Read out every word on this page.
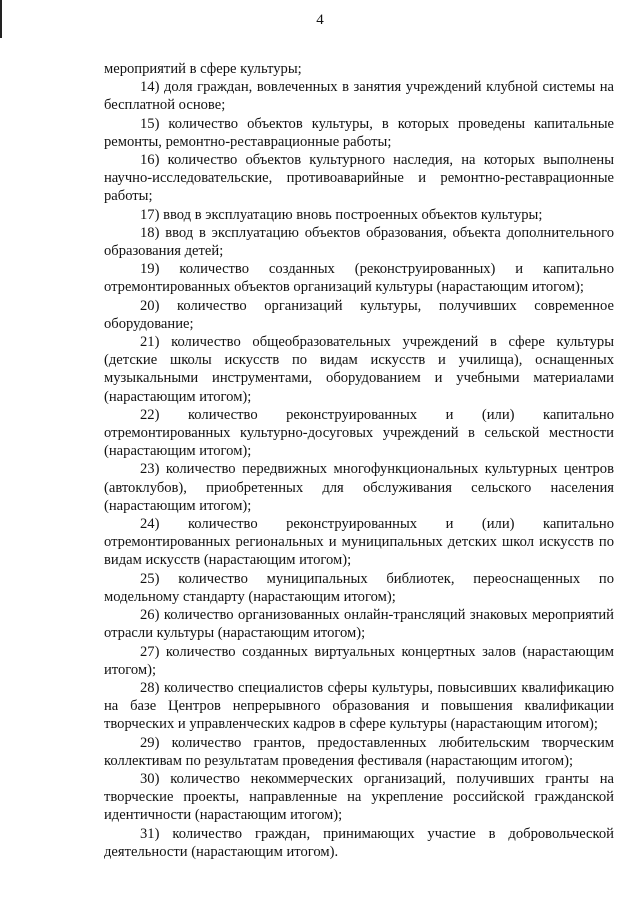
4

мероприятий в сфере культуры;

14) доля граждан, вовлеченных в занятия учреждений клубной системы на бесплатной основе;

15) количество объектов культуры, в которых проведены капитальные ремонты, ремонтно-реставрационные работы;

16) количество объектов культурного наследия, на которых выполнены научно-исследовательские, противоаварийные и ремонтно-реставрационные работы;

17) ввод в эксплуатацию вновь построенных объектов культуры;

18) ввод в эксплуатацию объектов образования, объекта дополнительного образования детей;

19) количество созданных (реконструированных) и капитально отремонтированных объектов организаций культуры (нарастающим итогом);

20) количество организаций культуры, получивших современное оборудование;

21) количество общеобразовательных учреждений в сфере культуры (детские школы искусств по видам искусств и училища), оснащенных музыкальными инструментами, оборудованием и учебными материалами (нарастающим итогом);

22) количество реконструированных и (или) капитально отремонтированных культурно-досуговых учреждений в сельской местности (нарастающим итогом);

23) количество передвижных многофункциональных культурных центров (автоклубов), приобретенных для обслуживания сельского населения (нарастающим итогом);

24) количество реконструированных и (или) капитально отремонтированных региональных и муниципальных детских школ искусств по видам искусств (нарастающим итогом);

25) количество муниципальных библиотек, переоснащенных по модельному стандарту (нарастающим итогом);

26) количество организованных онлайн-трансляций знаковых мероприятий отрасли культуры (нарастающим итогом);

27) количество созданных виртуальных концертных залов (нарастающим итогом);

28) количество специалистов сферы культуры, повысивших квалификацию на базе Центров непрерывного образования и повышения квалификации творческих и управленческих кадров в сфере культуры (нарастающим итогом);

29) количество грантов, предоставленных любительским творческим коллективам по результатам проведения фестиваля (нарастающим итогом);

30) количество некоммерческих организаций, получивших гранты на творческие проекты, направленные на укрепление российской гражданской идентичности (нарастающим итогом);

31) количество граждан, принимающих участие в добровольческой деятельности (нарастающим итогом).
